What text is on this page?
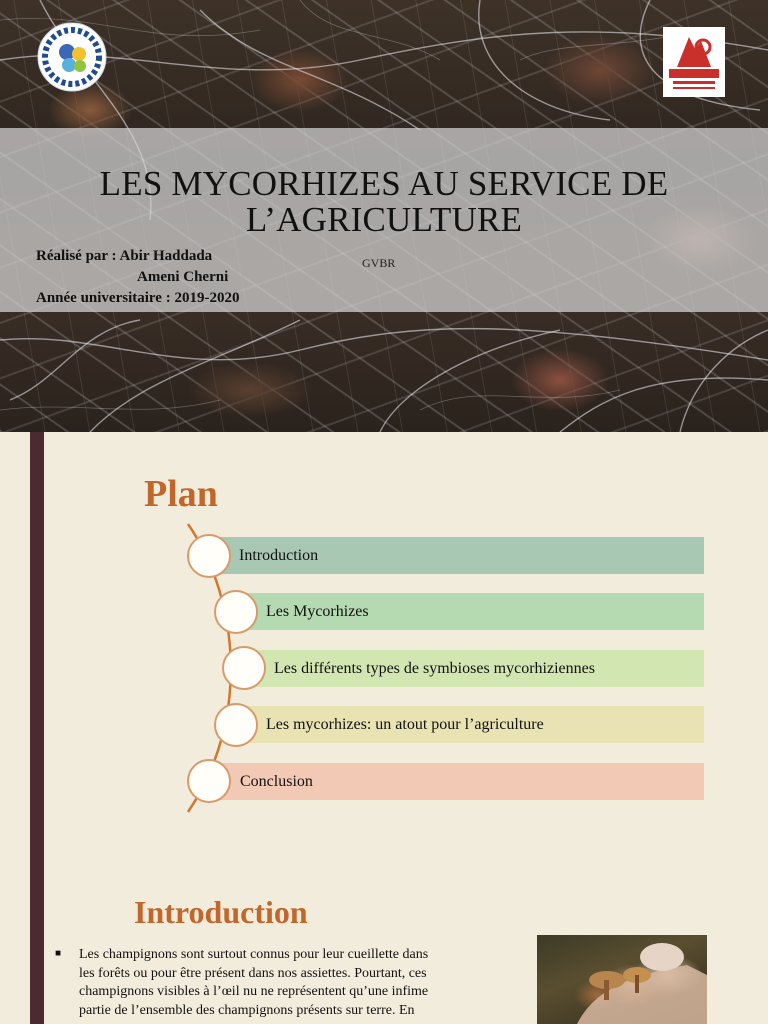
LES MYCORHIZES AU SERVICE DE
L’AGRICULTURE
Réalisé par : Abir Haddada
Ameni Cherni
Année universitaire : 2019-2020
GVBR
Plan
Introduction
Les Mycorhizes
Les différents types de symbioses mycorhiziennes
Les mycorhizes: un atout pour l’agriculture
Conclusion
Introduction
■ Les champignons sont surtout connus pour leur cueillette dans
les forêts ou pour être présent dans nos assiettes. Pourtant, ces
champignons visibles à l’œil nu ne représentent qu’une infime
partie de l’ensemble des champignons présents sur terre. En
